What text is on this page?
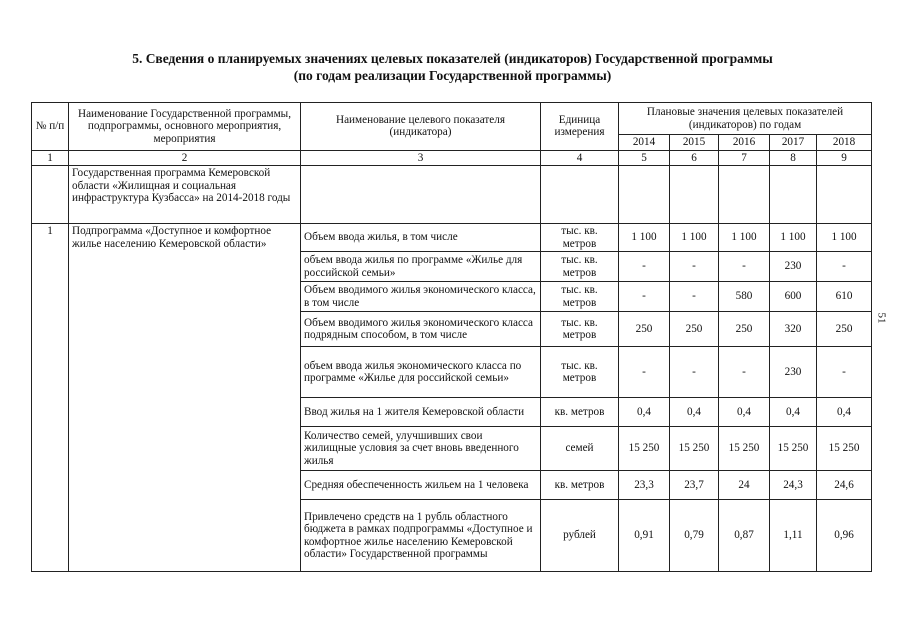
5. Сведения о планируемых значениях целевых показателей (индикаторов) Государственной программы
(по годам реализации Государственной программы)
№ п/п	Наименование Государственной программы, подпрограммы, основного мероприятия, мероприятия	Наименование целевого показателя (индикатора)	Единица измерения	Плановые значения целевых показателей (индикаторов) по годам				
				2014	2015	2016	2017	2018
1	2	3	4	5	6	7	8	9
	Государственная программа Кемеровской области «Жилищная и социальная инфраструктура Кузбасса» на 2014-2018 годы							
1	Подпрограмма «Доступное и комфортное жилье населению Кемеровской области»	Объем ввода жилья, в том числе	тыс. кв. метров	1 100	1 100	1 100	1 100	1 100
		объем ввода жилья по программе «Жилье для российской семьи»	тыс. кв. метров	-	-	-	230	-
		Объем вводимого жилья экономического класса, в том числе	тыс. кв. метров	-	-	580	600	610
		Объем вводимого жилья экономического класса подрядным способом, в том числе	тыс. кв. метров	250	250	250	320	250
		объем ввода жилья экономического класса по программе «Жилье для российской семьи»	тыс. кв. метров	-	-	-	230	-
		Ввод жилья на 1 жителя Кемеровской области	кв. метров	0,4	0,4	0,4	0,4	0,4
		Количество семей, улучшивших свои жилищные условия за счет вновь введенного жилья	семей	15 250	15 250	15 250	15 250	15 250
		Средняя обеспеченность жильем на 1 человека	кв. метров	23,3	23,7	24	24,3	24,6
		Привлечено средств на 1 рубль областного бюджета в рамках подпрограммы «Доступное и комфортное жилье населению Кемеровской области» Государственной программы	рублей	0,91	0,79	0,87	1,11	0,96
51
